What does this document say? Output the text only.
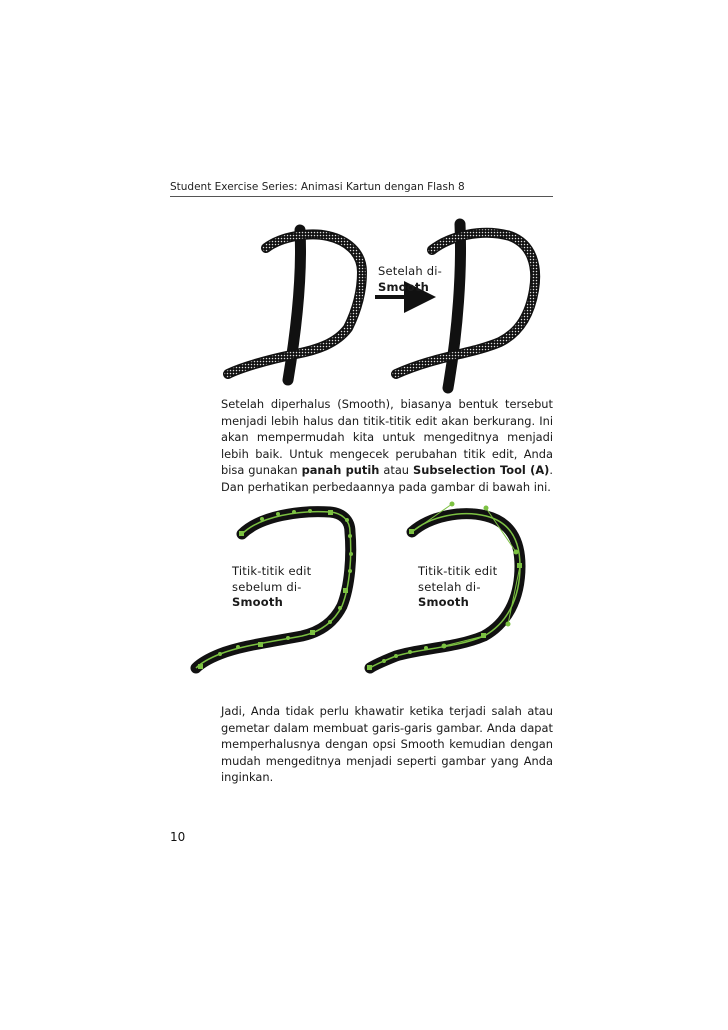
Student Exercise Series: Animasi Kartun dengan Flash 8
Setelah di-
Smooth

Setelah diperhalus (Smooth), biasanya bentuk tersebut menjadi lebih halus dan titik-titik edit akan berkurang. Ini akan mempermudah kita untuk mengeditnya menjadi lebih baik. Untuk mengecek perubahan titik edit, Anda bisa gunakan panah putih atau Subselection Tool (A). Dan perhatikan perbedaannya pada gambar di bawah ini.

Titik-titik edit
sebelum di-
Smooth
Titik-titik edit
setelah di-
Smooth

Jadi, Anda tidak perlu khawatir ketika terjadi salah atau gemetar dalam membuat garis-garis gambar. Anda dapat memperhalusnya dengan opsi Smooth kemudian dengan mudah mengeditnya menjadi seperti gambar yang Anda inginkan.

10
